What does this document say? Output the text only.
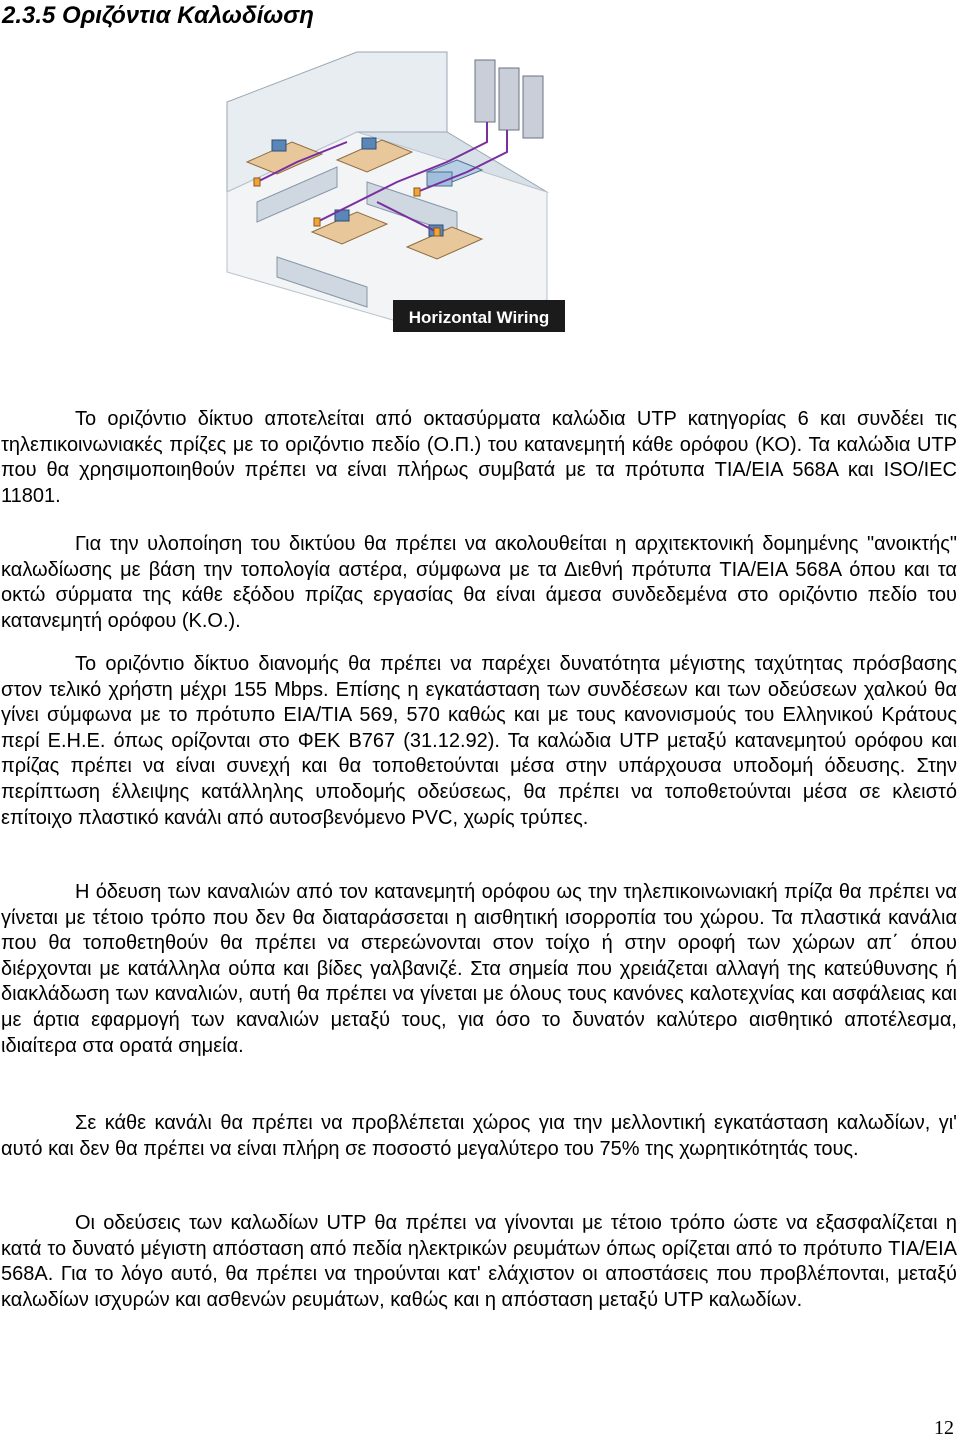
2.3.5 Οριζόντια Καλωδίωση
Horizontal Wiring

Το οριζόντιο δίκτυο αποτελείται από οκτασύρματα καλώδια UTP κατηγορίας 6 και συνδέει τις τηλεπικοινωνιακές πρίζες με το οριζόντιο πεδίο (Ο.Π.) του κατανεμητή κάθε ορόφου (ΚΟ). Τα καλώδια UTP που θα χρησιμοποιηθούν πρέπει να είναι πλήρως συμβατά με τα πρότυπα TIA/EIA 568A και ISO/IEC 11801.

Για την υλοποίηση του δικτύου θα πρέπει να ακολουθείται η αρχιτεκτονική δομημένης "ανοικτής" καλωδίωσης με βάση την τοπολογία αστέρα, σύμφωνα με τα Διεθνή πρότυπα TIA/EIA 568A όπου και τα οκτώ σύρματα της κάθε εξόδου πρίζας εργασίας θα είναι άμεσα συνδεδεμένα στο οριζόντιο πεδίο του κατανεμητή ορόφου (Κ.Ο.).

Το οριζόντιο δίκτυο διανομής θα πρέπει να παρέχει δυνατότητα μέγιστης ταχύτητας πρόσβασης στον τελικό χρήστη μέχρι 155 Mbps. Επίσης η εγκατάσταση των συνδέσεων και των οδεύσεων χαλκού θα γίνει σύμφωνα με το πρότυπο EIA/TIA 569, 570 καθώς και με τους κανονισμούς του Ελληνικού Κράτους περί Ε.Η.Ε. όπως ορίζονται στο ΦΕΚ Β767 (31.12.92). Τα καλώδια UTP μεταξύ κατανεμητού ορόφου και πρίζας πρέπει να είναι συνεχή και θα τοποθετούνται μέσα στην υπάρχουσα υποδομή όδευσης. Στην περίπτωση έλλειψης κατάλληλης υποδομής οδεύσεως, θα πρέπει να τοποθετούνται μέσα σε κλειστό επίτοιχο πλαστικό κανάλι από αυτοσβενόμενο PVC, χωρίς τρύπες.

Η όδευση των καναλιών από τον κατανεμητή ορόφου ως την τηλεπικοινωνιακή πρίζα θα πρέπει να γίνεται με τέτοιο τρόπο που δεν θα διαταράσσεται η αισθητική ισορροπία του χώρου. Τα πλαστικά κανάλια που θα τοποθετηθούν θα πρέπει να στερεώνονται στον τοίχο ή στην οροφή των χώρων απ΄ όπου διέρχονται με κατάλληλα ούπα και βίδες γαλβανιζέ. Στα σημεία που χρειάζεται αλλαγή της κατεύθυνσης ή διακλάδωση των καναλιών, αυτή θα πρέπει να γίνεται με όλους τους κανόνες καλοτεχνίας και ασφάλειας και με άρτια εφαρμογή των καναλιών μεταξύ τους, για όσο το δυνατόν καλύτερο αισθητικό αποτέλεσμα, ιδιαίτερα στα ορατά σημεία.

Σε κάθε κανάλι θα πρέπει να προβλέπεται χώρος για την μελλοντική εγκατάσταση καλωδίων, γι' αυτό και δεν θα πρέπει να είναι πλήρη σε ποσοστό μεγαλύτερο του 75% της χωρητικότητάς τους.

Οι οδεύσεις των καλωδίων UTP θα πρέπει να γίνονται με τέτοιο τρόπο ώστε να εξασφαλίζεται η κατά το δυνατό μέγιστη απόσταση από πεδία ηλεκτρικών ρευμάτων όπως ορίζεται από το πρότυπο TIA/EIA 568A. Για το λόγο αυτό, θα πρέπει να τηρούνται κατ' ελάχιστον οι αποστάσεις που προβλέπονται, μεταξύ καλωδίων ισχυρών και ασθενών ρευμάτων, καθώς και η απόσταση μεταξύ UTP καλωδίων.

12
